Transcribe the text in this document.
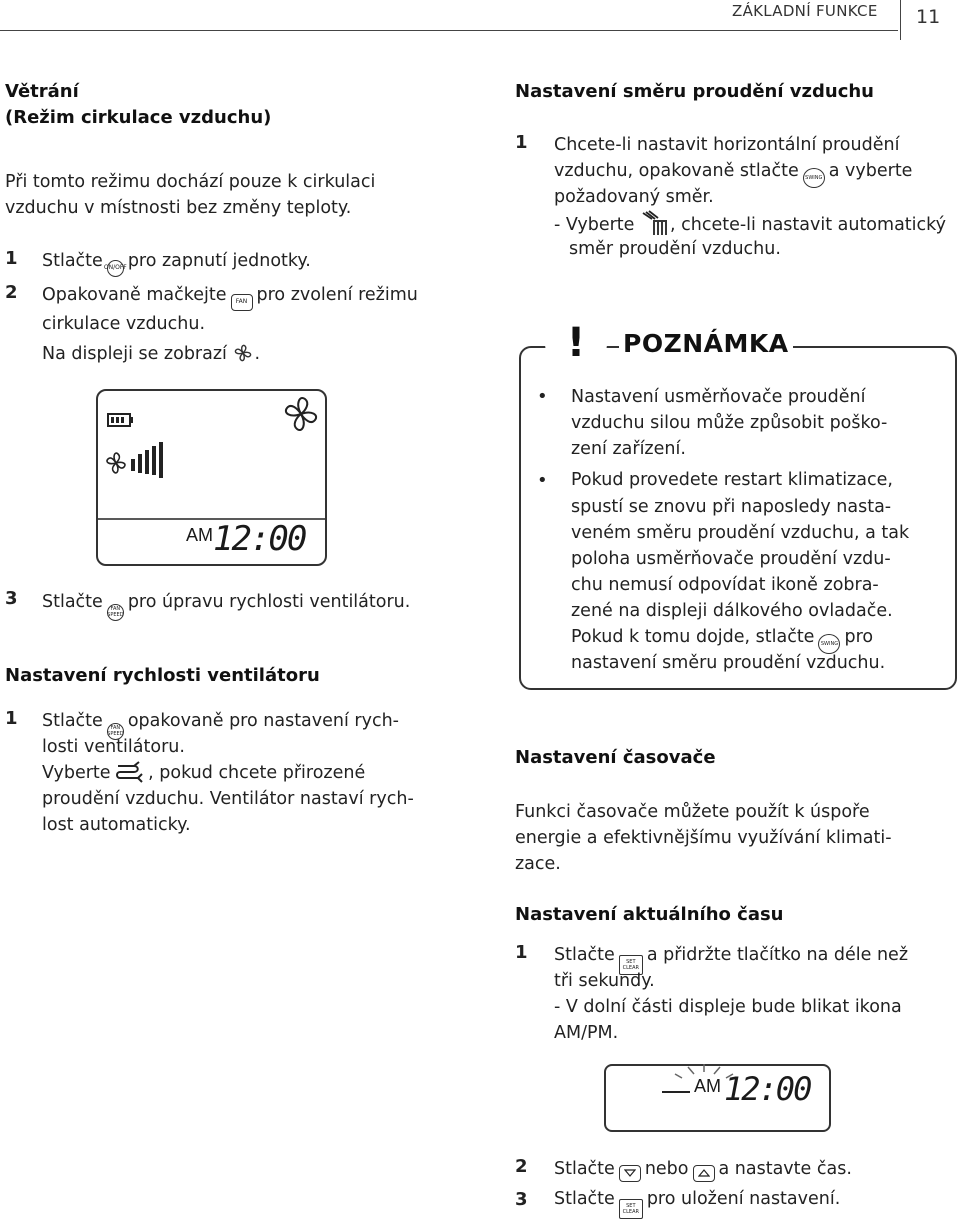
ZÁKLADNÍ FUNKCE 11
Větrání
(Režim cirkulace vzduchu)
Při tomto režimu dochází pouze k cirkulaci
vzduchu v místnosti bez změny teploty.
1 Stlačte ON/OFF pro zapnutí jednotky.
2 Opakovaně mačkejte FAN pro zvolení režimu
cirkulace vzduchu.
Na displeji se zobrazí .
AM 12:00
3 Stlačte	FAN SPEED
pro úpravu rychlosti ventilátoru.
Nastavení rychlosti ventilátoru
1 Stlačte	FAN SPEED
opakovaně pro nastavení rych-
losti ventilátoru.
Vyberte , pokud chcete přirozené
proudění vzduchu. Ventilátor nastaví rych-
lost automaticky.
Nastavení směru proudění vzduchu
1 Chcete-li nastavit horizontální proudění
vzduchu, opakovaně stlačte SWING a vyberte
požadovaný směr.
- Vyberte , chcete-li nastavit automatický
směr proudění vzduchu.
!	POZNÁMKA
• Nastavení usměrňovače proudění
vzduchu silou může způsobit poško-
zení zařízení.
• Pokud provedete restart klimatizace,
spustí se znovu při naposledy nasta-
veném směru proudění vzduchu, a tak
poloha usměrňovače proudění vzdu-
chu nemusí odpovídat ikoně zobra-
zené na displeji dálkového ovladače.
Pokud k tomu dojde, stlačte SWING pro
nastavení směru proudění vzduchu.
Nastavení časovače
Funkci časovače můžete použít k úspoře
energie a efektivnějšímu využívání klimati-
zace.
Nastavení aktuálního času
1 Stlačte	SET CLEAR
a přidržte tlačítko na déle než
tři sekundy.
- V dolní části displeje bude blikat ikona
AM/PM.
AM 12:00
2 Stlačte nebo a nastavte čas.
3 Stlačte	SET CLEAR
pro uložení nastavení.
